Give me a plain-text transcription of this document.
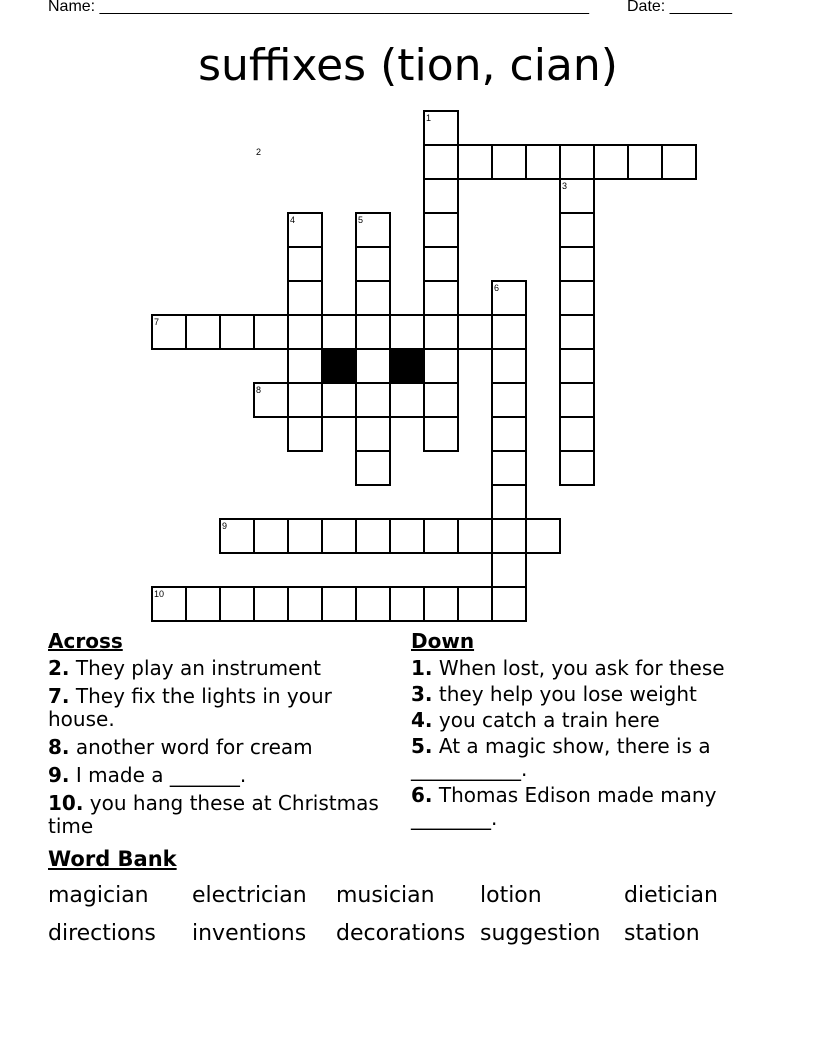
Name: _______________________________________________________ Date: _______
suffixes (tion, cian)
1
2
3
4	5
6
7
8
9
10
Across
2. They play an instrument
7. They fix the lights in your house.
8. another word for cream
9. I made a _______.
10. you hang these at Christmas time
Down
1. When lost, you ask for these
3. they help you lose weight
4. you catch a train here
5. At a magic show, there is a ___________.
6. Thomas Edison made many ________.
Word Bank
magician electrician musician lotion	dietician
directions inventions decorations suggestion station
